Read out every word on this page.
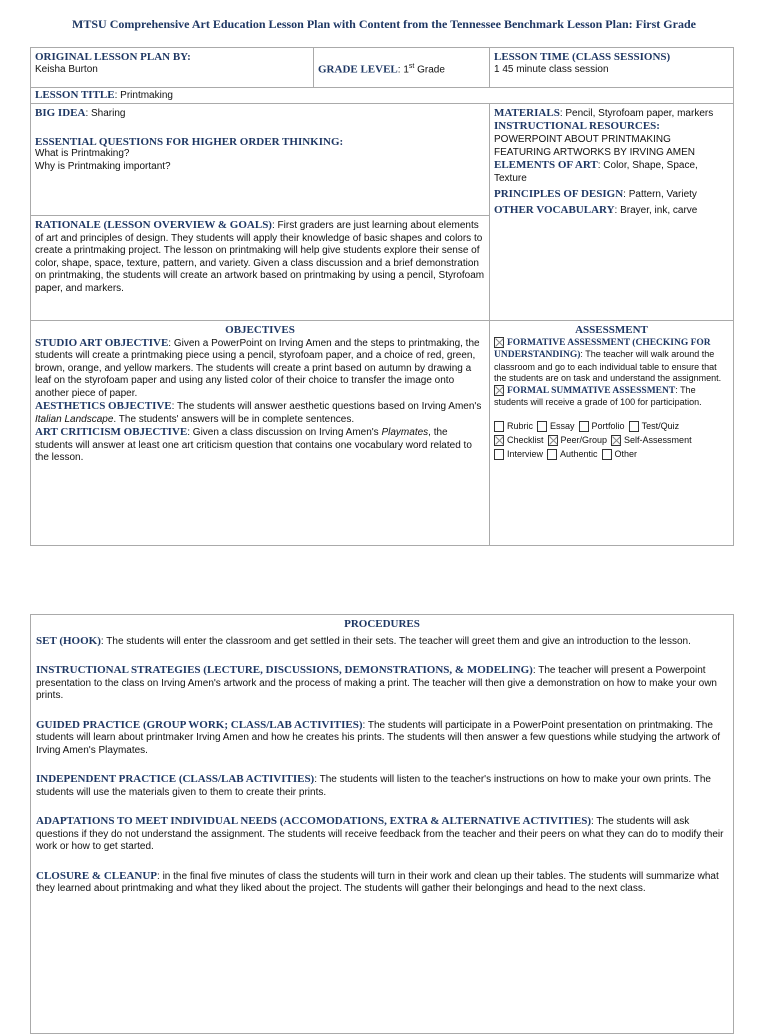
MTSU Comprehensive Art Education Lesson Plan with Content from the Tennessee Benchmark Lesson Plan: First Grade

ORIGINAL LESSON PLAN BY:

Keisha Burton	GRADE LEVEL: 1st Grade

LESSON TIME (CLASS SESSIONS)

1 45 minute class session

LESSON TITLE: Printmaking

BIG IDEA: Sharing

ESSENTIAL QUESTIONS FOR HIGHER ORDER THINKING:

What is Printmaking?

Why is Printmaking important?

MATERIALS: Pencil, Styrofoam paper, markers

INSTRUCTIONAL RESOURCES:

POWERPOINT ABOUT PRINTMAKING FEATURING ARTWORKS BY IRVING AMEN

ELEMENTS OF ART: Color, Shape, Space, Texture

PRINCIPLES OF DESIGN: Pattern, Variety

OTHER VOCABULARY: Brayer, ink, carve

RATIONALE (LESSON OVERVIEW & GOALS): First graders are just learning about elements of art and principles of design. They students will apply their knowledge of basic shapes and colors to create a printmaking project. The lesson on printmaking will help give students explore their sense of color, shape, space, texture, pattern, and variety. Given a class discussion and a brief demonstration on printmaking, the students will create an artwork based on printmaking by using a pencil, Styrofoam paper, and markers.

OBJECTIVES

STUDIO ART OBJECTIVE: Given a PowerPoint on Irving Amen and the steps to printmaking, the students will create a printmaking piece using a pencil, styrofoam paper, and a choice of red, green, brown, orange, and yellow markers. The students will create a print based on autumn by drawing a leaf on the styrofoam paper and using any listed color of their choice to transfer the image onto another piece of paper.

AESTHETICS OBJECTIVE: The students will answer aesthetic questions based on Irving Amen's Italian Landscape. The students' answers will be in complete sentences.

ART CRITICISM OBJECTIVE: Given a class discussion on Irving Amen's Playmates, the students will answer at least one art criticism question that contains one vocabulary word related to the lesson.

ASSESSMENT

FORMATIVE ASSESSMENT (CHECKING FOR UNDERSTANDING): The teacher will walk around the classroom and go to each individual table to ensure that the students are on task and understand the assignment.

FORMAL SUMMATIVE ASSESSMENT: The students will receive a grade of 100 for participation.

Rubric Essay Portfolio Test/Quiz
Checklist Peer/Group Self-Assessment
Interview Authentic Other

PROCEDURES

SET (HOOK): The students will enter the classroom and get settled in their sets. The teacher will greet them and give an introduction to the lesson.

INSTRUCTIONAL STRATEGIES (LECTURE, DISCUSSIONS, DEMONSTRATIONS, & MODELING): The teacher will present a Powerpoint presentation to the class on Irving Amen's artwork and the process of making a print. The teacher will then give a demonstration on how to make your own prints.

GUIDED PRACTICE (GROUP WORK; CLASS/LAB ACTIVITIES): The students will participate in a PowerPoint presentation on printmaking. The students will learn about printmaker Irving Amen and how he creates his prints. The students will then answer a few questions while studying the artwork of Irving Amen's Playmates.

INDEPENDENT PRACTICE (CLASS/LAB ACTIVITIES): The students will listen to the teacher's instructions on how to make your own prints. The students will use the materials given to them to create their prints.

ADAPTATIONS TO MEET INDIVIDUAL NEEDS (ACCOMODATIONS, EXTRA & ALTERNATIVE ACTIVITIES): The students will ask questions if they do not understand the assignment. The students will receive feedback from the teacher and their peers on what they can do to modify their work or how to get started.

CLOSURE & CLEANUP: in the final five minutes of class the students will turn in their work and clean up their tables. The students will summarize what they learned about printmaking and what they liked about the project. The students will gather their belongings and head to the next class.
